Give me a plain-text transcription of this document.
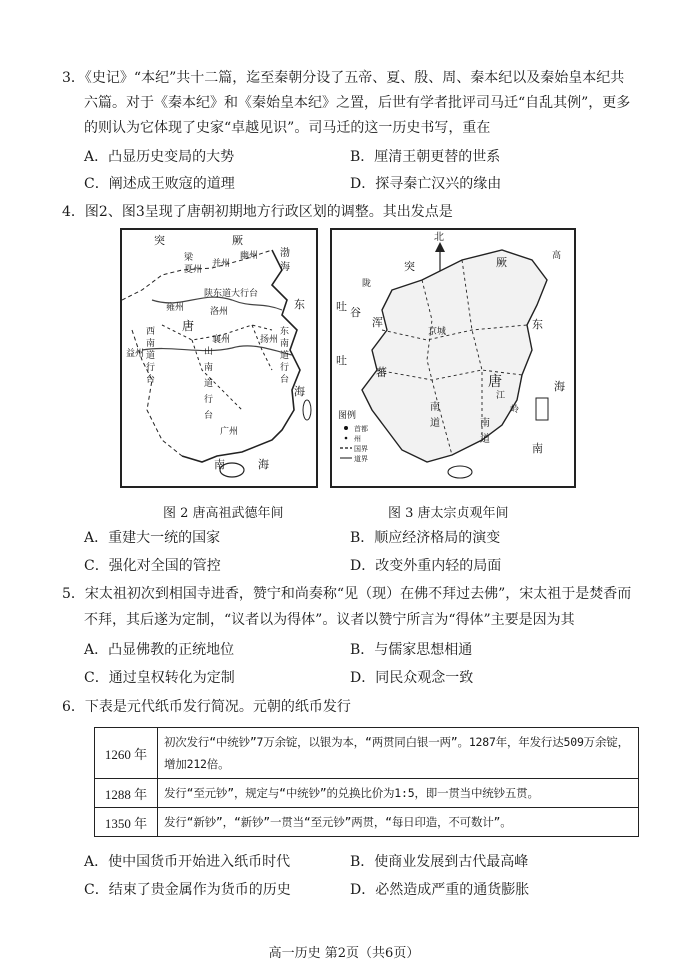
3．《史记》“本纪”共十二篇，迄至秦朝分设了五帝、夏、殷、周、秦本纪以及秦始皇本纪共
六篇。对于《秦本纪》和《秦始皇本纪》之置，后世有学者批评司马迁“自乱其例”，更多
的则认为它体现了史家“卓越见识”。司马迁的这一历史书写，重在
A．凸显历史变局的大势	B．厘清王朝更替的世系
C．阐述成王败寇的道理	D．探寻秦亡汉兴的缘由
4．图2、图3呈现了唐朝初期地方行政区划的调整。其出发点是
突	厥
梁
夏州
并州
幽州 渤
海
雍州
陕东道大行台
洛州
东
唐
西
南
道
行
台
益州
襄州
山
南
道
行
台
东
南
道
行
台
扬州
海
广州
南	海
北
突	厥	高
陇
吐 谷
浑
吐
蕃
唐
京城
南
南
道
道
东
海
南
图例
江
岭
首都
州
国界
道界
图 2 唐高祖武德年间	图 3 唐太宗贞观年间
A．重建大一统的国家	B．顺应经济格局的演变
C．强化对全国的管控	D．改变外重内轻的局面
5．宋太祖初次到相国寺进香，赞宁和尚奏称“见（现）在佛不拜过去佛”，宋太祖于是焚香而
不拜，其后遂为定制，“议者以为得体”。议者以赞宁所言为“得体”主要是因为其
A．凸显佛教的正统地位	B．与儒家思想相通
C．通过皇权转化为定制	D．同民众观念一致
6．下表是元代纸币发行简况。元朝的纸币发行
1260 年	初次发行“中统钞”7万余锭，以银为本，“两贯同白银一两”。1287年，年发行达509万余锭，增加212倍。
1288 年	发行“至元钞”，规定与“中统钞”的兑换比价为1:5，即一贯当中统钞五贯。
1350 年	发行“新钞”，“新钞”一贯当“至元钞”两贯，“每日印造，不可数计”。
A．使中国货币开始进入纸币时代	B．使商业发展到古代最高峰
C．结束了贵金属作为货币的历史	D．必然造成严重的通货膨胀
高一历史 第2页（共6页）
